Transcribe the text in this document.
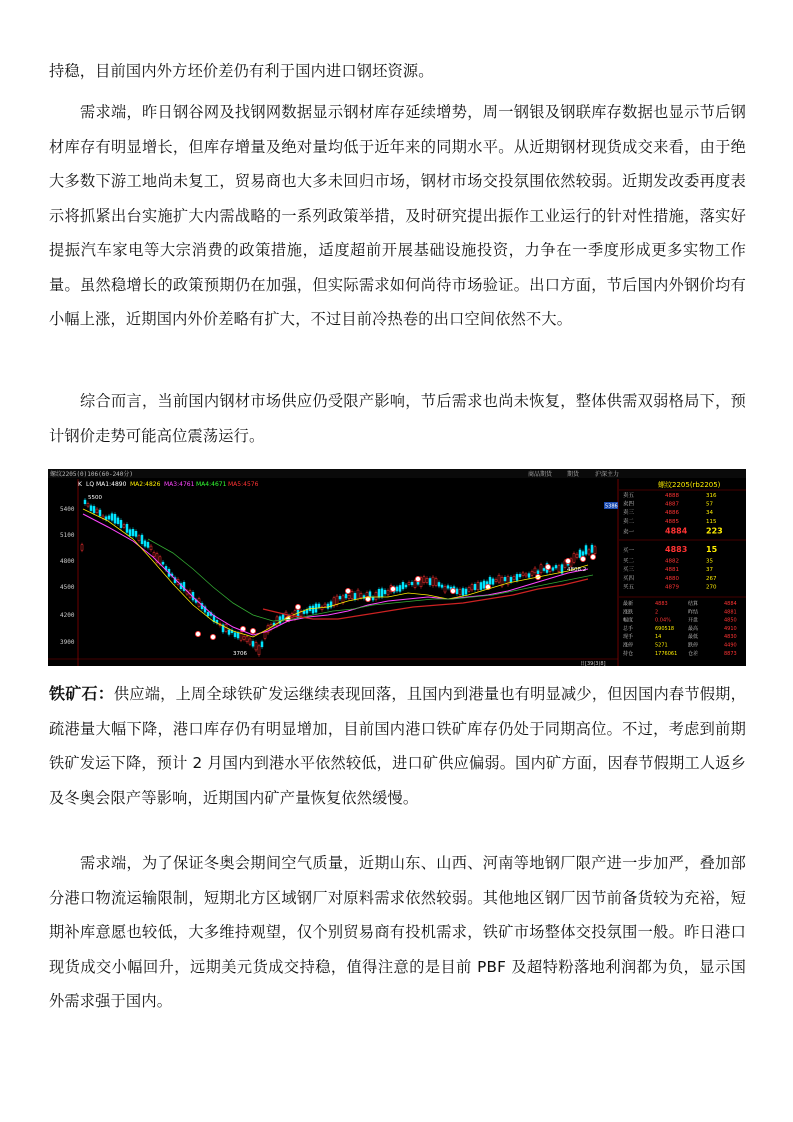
持稳，目前国内外方坯价差仍有利于国内进口钢坯资源。

需求端，昨日钢谷网及找钢网数据显示钢材库存延续增势，周一钢银及钢联库存数据也显示节后钢材库存有明显增长，但库存增量及绝对量均低于近年来的同期水平。从近期钢材现货成交来看，由于绝大多数下游工地尚未复工，贸易商也大多未回归市场，钢材市场交投氛围依然较弱。近期发改委再度表示将抓紧出台实施扩大内需战略的一系列政策举措，及时研究提出振作工业运行的针对性措施，落实好提振汽车家电等大宗消费的政策措施，适度超前开展基础设施投资，力争在一季度形成更多实物工作量。虽然稳增长的政策预期仍在加强，但实际需求如何尚待市场验证。出口方面，节后国内外钢价均有小幅上涨，近期国内外价差略有扩大，不过目前冷热卷的出口空间依然不大。

综合而言，当前国内钢材市场供应仍受限产影响，节后需求也尚未恢复，整体供需双弱格局下，预计钢价走势可能高位震荡运行。

螺纹2205(0)106(60-240分)	商品期货 期货	沪深主力
K LQ MA1:4890 MA2:4826 MA3:4761 MA4:4671 MA5:4576
5400
5100
4800
4500
4200
3900
5500
3706
4808.2
5386
日[39(3)8]
螺纹2205(rb2205)
卖五	4888	316
卖四	4887	57
卖三	4886	34
卖二	4885	115
卖一	4884 223
买一	4883 15
买二	4882	35
买三	4881	37
买四	4880	267
买五	4879	270
最新	4883	结算	4884
涨跌	2	昨结	4881
幅度	0.04%	开盘	4850
总手	690518	最高	4910
现手	14	最低	4830
涨停	5271	跌停	4490
持仓	1776061 仓差	8873

铁矿石：供应端，上周全球铁矿发运继续表现回落，且国内到港量也有明显减少，但因国内春节假期，疏港量大幅下降，港口库存仍有明显增加，目前国内港口铁矿库存仍处于同期高位。不过，考虑到前期铁矿发运下降，预计 2 月国内到港水平依然较低，进口矿供应偏弱。国内矿方面，因春节假期工人返乡及冬奥会限产等影响，近期国内矿产量恢复依然缓慢。

需求端，为了保证冬奥会期间空气质量，近期山东、山西、河南等地钢厂限产进一步加严，叠加部分港口物流运输限制，短期北方区域钢厂对原料需求依然较弱。其他地区钢厂因节前备货较为充裕，短期补库意愿也较低，大多维持观望，仅个别贸易商有投机需求，铁矿市场整体交投氛围一般。昨日港口现货成交小幅回升，远期美元货成交持稳，值得注意的是目前 PBF 及超特粉落地利润都为负，显示国外需求强于国内。
